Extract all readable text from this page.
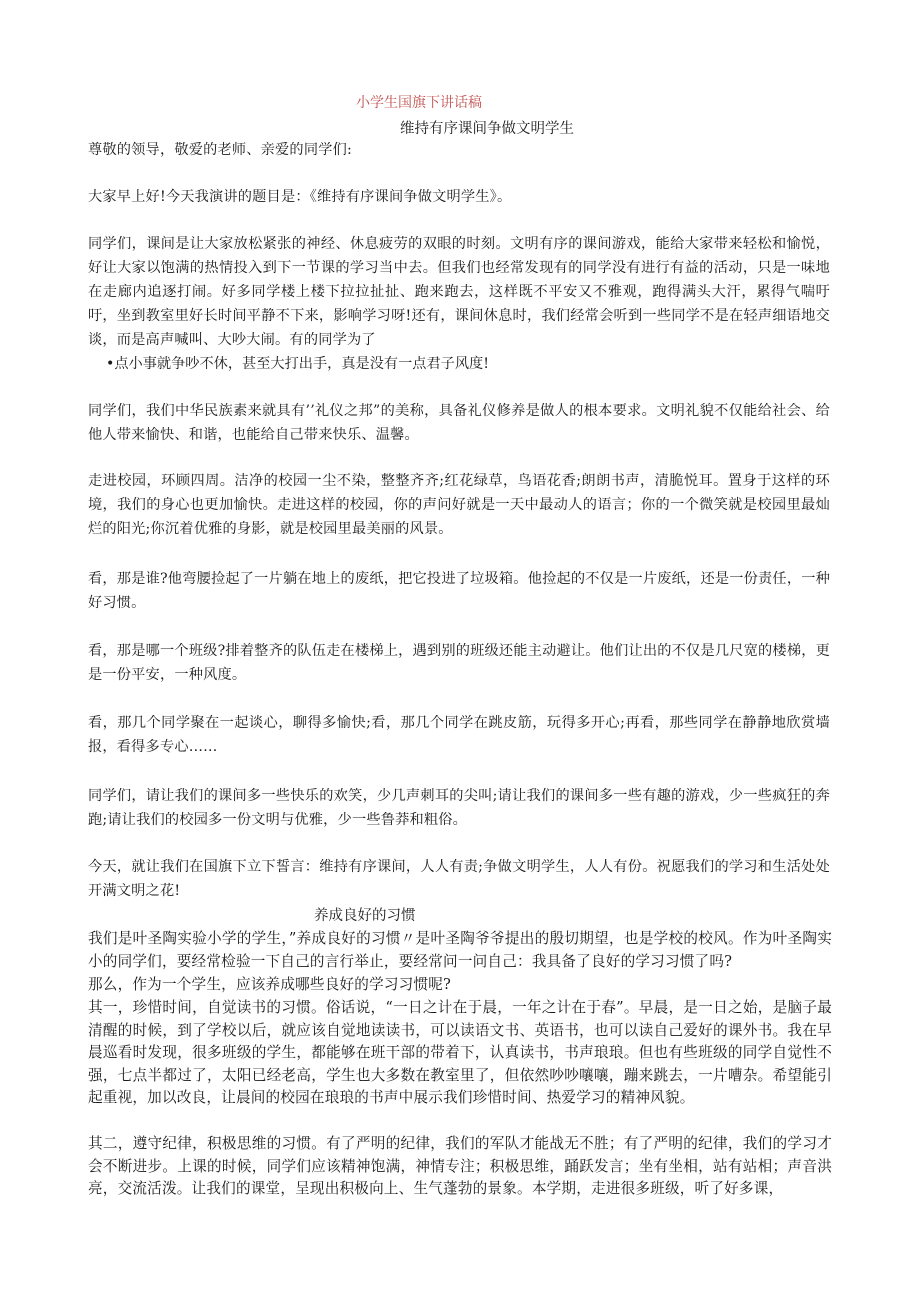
小学生国旗下讲话稿
维持有序课间争做文明学生
尊敬的领导，敬爱的老师、亲爱的同学们:
大家早上好!今天我演讲的题目是：《维持有序课间争做文明学生》。
同学们，课间是让大家放松紧张的神经、休息疲劳的双眼的时刻。文明有序的课间游戏，能给大家带来轻松和愉悦，好让大家以饱满的热情投入到下一节课的学习当中去。但我们也经常发现有的同学没有进行有益的活动，只是一味地在走廊内追逐打闹。好多同学楼上楼下拉拉扯扯、跑来跑去，这样既不平安又不雅观，跑得满头大汗，累得气喘吁吁，坐到教室里好长时间平静不下来，影响学习呀!还有，课间休息时，我们经常会听到一些同学不是在轻声细语地交谈，而是高声喊叫、大吵大闹。有的同学为了
•点小事就争吵不休，甚至大打出手，真是没有一点君子风度!
同学们，我们中华民族素来就具有’’礼仪之邦”的美称，具备礼仪修养是做人的根本要求。文明礼貌不仅能给社会、给他人带来愉快、和谐，也能给自己带来快乐、温馨。
走进校园，环顾四周。洁净的校园一尘不染，整整齐齐;红花绿草，鸟语花香;朗朗书声，清脆悦耳。置身于这样的环境，我们的身心也更加愉快。走进这样的校园，你的声问好就是一天中最动人的语言；你的一个微笑就是校园里最灿烂的阳光;你沉着优雅的身影，就是校园里最美丽的风景。
看，那是谁?他弯腰捡起了一片躺在地上的废纸，把它投进了垃圾箱。他捡起的不仅是一片废纸，还是一份责任，一种好习惯。
看，那是哪一个班级?排着整齐的队伍走在楼梯上，遇到别的班级还能主动避让。他们让出的不仅是几尺宽的楼梯，更是一份平安，一种风度。
看，那几个同学聚在一起谈心，聊得多愉快;看，那几个同学在跳皮筋，玩得多开心;再看，那些同学在静静地欣赏墙报，看得多专心……
同学们，请让我们的课间多一些快乐的欢笑，少几声刺耳的尖叫;请让我们的课间多一些有趣的游戏，少一些疯狂的奔跑;请让我们的校园多一份文明与优雅，少一些鲁莽和粗俗。
今天，就让我们在国旗下立下誓言：维持有序课间，人人有责;争做文明学生，人人有份。祝愿我们的学习和生活处处开满文明之花!
养成良好的习惯
我们是叶圣陶实验小学的学生，”养成良好的习惯〃是叶圣陶爷爷提出的殷切期望，也是学校的校风。作为叶圣陶实小的同学们，要经常检验一下自己的言行举止，要经常问一问自己：我具备了良好的学习习惯了吗?
那么，作为一个学生，应该养成哪些良好的学习习惯呢?
其一，珍惜时间，自觉读书的习惯。俗话说，“一日之计在于晨，一年之计在于春”。早晨，是一日之始，是脑子最清醒的时候，到了学校以后，就应该自觉地读读书，可以读语文书、英语书，也可以读自己爱好的课外书。我在早晨巡看时发现，很多班级的学生，都能够在班干部的带着下，认真读书，书声琅琅。但也有些班级的同学自觉性不强，七点半都过了，太阳已经老高，学生也大多数在教室里了，但依然吵吵嚷嚷，蹦来跳去，一片嘈杂。希望能引起重视，加以改良，让晨间的校园在琅琅的书声中展示我们珍惜时间、热爱学习的精神风貌。
其二，遵守纪律，积极思维的习惯。有了严明的纪律，我们的军队才能战无不胜；有了严明的纪律，我们的学习才会不断进步。上课的时候，同学们应该精神饱满，神情专注；积极思维，踊跃发言；坐有坐相，站有站相；声音洪亮，交流活泼。让我们的课堂，呈现出积极向上、生气蓬勃的景象。本学期，走进很多班级，听了好多课，
